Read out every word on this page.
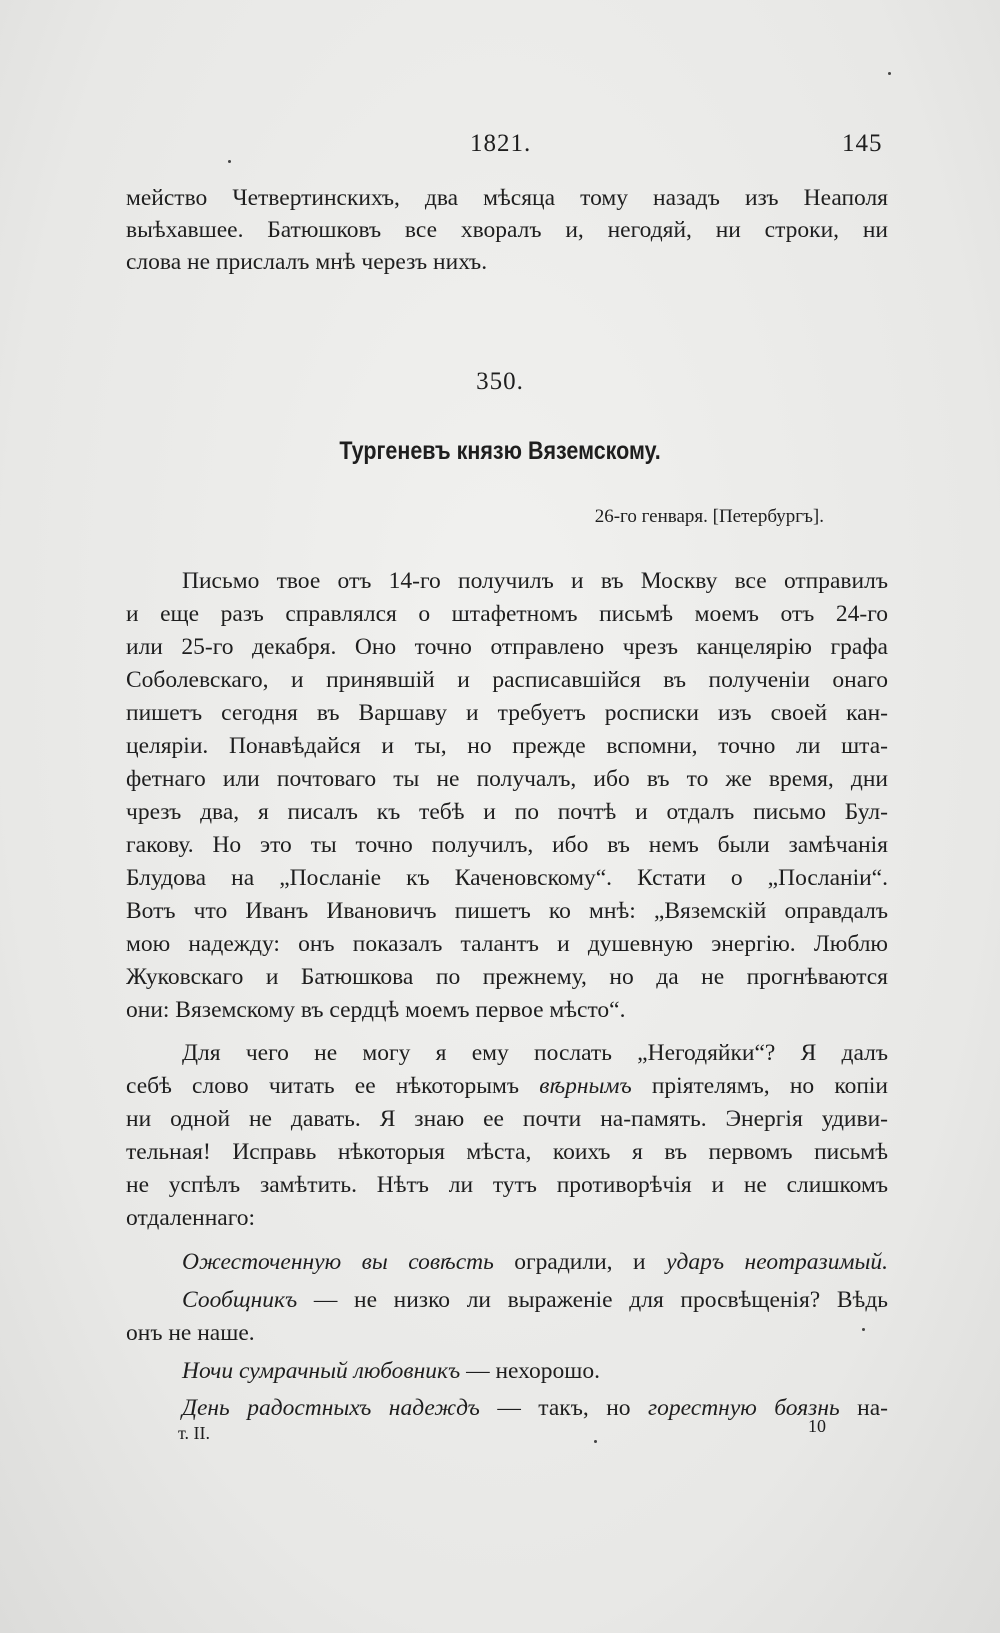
1821.	145
мейство Четвертинскихъ, два мѣсяца тому назадъ изъ Неаполя
выѣхавшее. Батюшковъ все хворалъ и, негодяй, ни строки, ни
слова не прислалъ мнѣ черезъ нихъ.
350.
Тургеневъ князю Вяземскому.
26-го генваря. [Петербургъ].
Письмо твое отъ 14-го получилъ и въ Москву все отправилъ
и еще разъ справлялся о штафетномъ письмѣ моемъ отъ 24-го
или 25-го декабря. Оно точно отправлено чрезъ канцелярію графа
Соболевскаго, и принявшій и расписавшійся въ полученіи онаго
пишетъ сегодня въ Варшаву и требуетъ росписки изъ своей кан-
целяріи. Понавѣдайся и ты, но прежде вспомни, точно ли шта-
фетнаго или почтоваго ты не получалъ, ибо въ то же время, дни
чрезъ два, я писалъ къ тебѣ и по почтѣ и отдалъ письмо Бул-
гакову. Но это ты точно получилъ, ибо въ немъ были замѣчанія
Блудова на „Посланіе къ Каченовскому“. Кстати о „Посланіи“.
Вотъ что Иванъ Ивановичъ пишетъ ко мнѣ: „Вяземскій оправдалъ
мою надежду: онъ показалъ талантъ и душевную энергію. Люблю
Жуковскаго и Батюшкова по прежнему, но да не прогнѣваются
они: Вяземскому въ сердцѣ моемъ первое мѣсто“.
Для чего не могу я ему послать „Негодяйки“? Я далъ
себѣ слово читать ее нѣкоторымъ вѣрнымъ пріятелямъ, но копіи
ни одной не давать. Я знаю ее почти на-память. Энергія удиви-
тельная! Исправь нѣкоторыя мѣста, коихъ я въ первомъ письмѣ
не успѣлъ замѣтить. Нѣтъ ли тутъ противорѣчія и не слишкомъ
отдаленнаго:
Ожесточенную вы совѣсть оградили, и ударъ неотразимый.
Сообщникъ — не низко ли выраженіе для просвѣщенія? Вѣдь
онъ не наше.
Ночи сумрачный любовникъ — нехорошо.
День радостныхъ надеждъ — такъ, но горестную боязнь на-
т. II.	10
